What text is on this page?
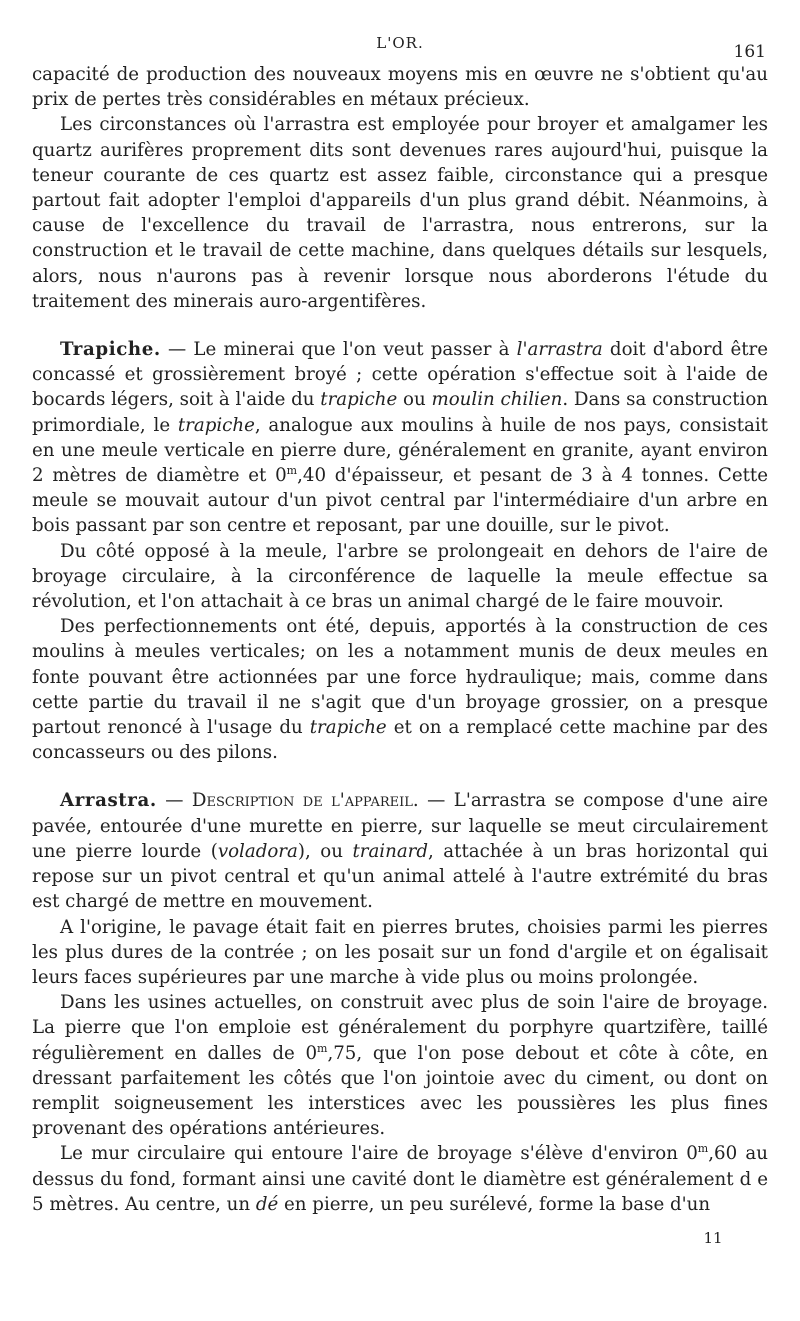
L'OR.	161

capacité de production des nouveaux moyens mis en œuvre ne s'obtient qu'au prix de pertes très considérables en métaux précieux.

Les circonstances où l'arrastra est employée pour broyer et amalgamer les quartz aurifères proprement dits sont devenues rares aujourd'hui, puisque la teneur courante de ces quartz est assez faible, circonstance qui a presque partout fait adopter l'emploi d'appareils d'un plus grand débit. Néanmoins, à cause de l'excellence du travail de l'arrastra, nous entrerons, sur la construction et le travail de cette machine, dans quelques détails sur lesquels, alors, nous n'aurons pas à revenir lorsque nous aborderons l'étude du traitement des minerais auro-argentifères.

Trapiche. — Le minerai que l'on veut passer à l'arrastra doit d'abord être concassé et grossièrement broyé ; cette opération s'effectue soit à l'aide de bocards légers, soit à l'aide du trapiche ou moulin chilien. Dans sa construction primordiale, le trapiche, analogue aux moulins à huile de nos pays, consistait en une meule verticale en pierre dure, généralement en granite, ayant environ 2 mètres de diamètre et 0$^m$,40 d'épaisseur, et pesant de 3 à 4 tonnes. Cette meule se mouvait autour d'un pivot central par l'intermédiaire d'un arbre en bois passant par son centre et reposant, par une douille, sur le pivot.

Du côté opposé à la meule, l'arbre se prolongeait en dehors de l'aire de broyage circulaire, à la circonférence de laquelle la meule effectue sa révolution, et l'on attachait à ce bras un animal chargé de le faire mouvoir.

Des perfectionnements ont été, depuis, apportés à la construction de ces moulins à meules verticales; on les a notamment munis de deux meules en fonte pouvant être actionnées par une force hydraulique; mais, comme dans cette partie du travail il ne s'agit que d'un broyage grossier, on a presque partout renoncé à l'usage du trapiche et on a remplacé cette machine par des concasseurs ou des pilons.

Arrastra. — Description de l'appareil. — L'arrastra se compose d'une aire pavée, entourée d'une murette en pierre, sur laquelle se meut circulairement une pierre lourde (voladora), ou trainard, attachée à un bras horizontal qui repose sur un pivot central et qu'un animal attelé à l'autre extrémité du bras est chargé de mettre en mouvement.

A l'origine, le pavage était fait en pierres brutes, choisies parmi les pierres les plus dures de la contrée ; on les posait sur un fond d'argile et on égalisait leurs faces supérieures par une marche à vide plus ou moins prolongée.

Dans les usines actuelles, on construit avec plus de soin l'aire de broyage. La pierre que l'on emploie est généralement du porphyre quartzifère, taillé régulièrement en dalles de 0$^m$,75, que l'on pose debout et côte à côte, en dressant parfaitement les côtés que l'on jointoie avec du ciment, ou dont on remplit soigneusement les interstices avec les poussières les plus fines provenant des opérations antérieures.

Le mur circulaire qui entoure l'aire de broyage s'élève d'environ 0$^m$,60 au dessus du fond, formant ainsi une cavité dont le diamètre est généralement d e 5 mètres. Au centre, un dé en pierre, un peu surélevé, forme la base d'un

11
